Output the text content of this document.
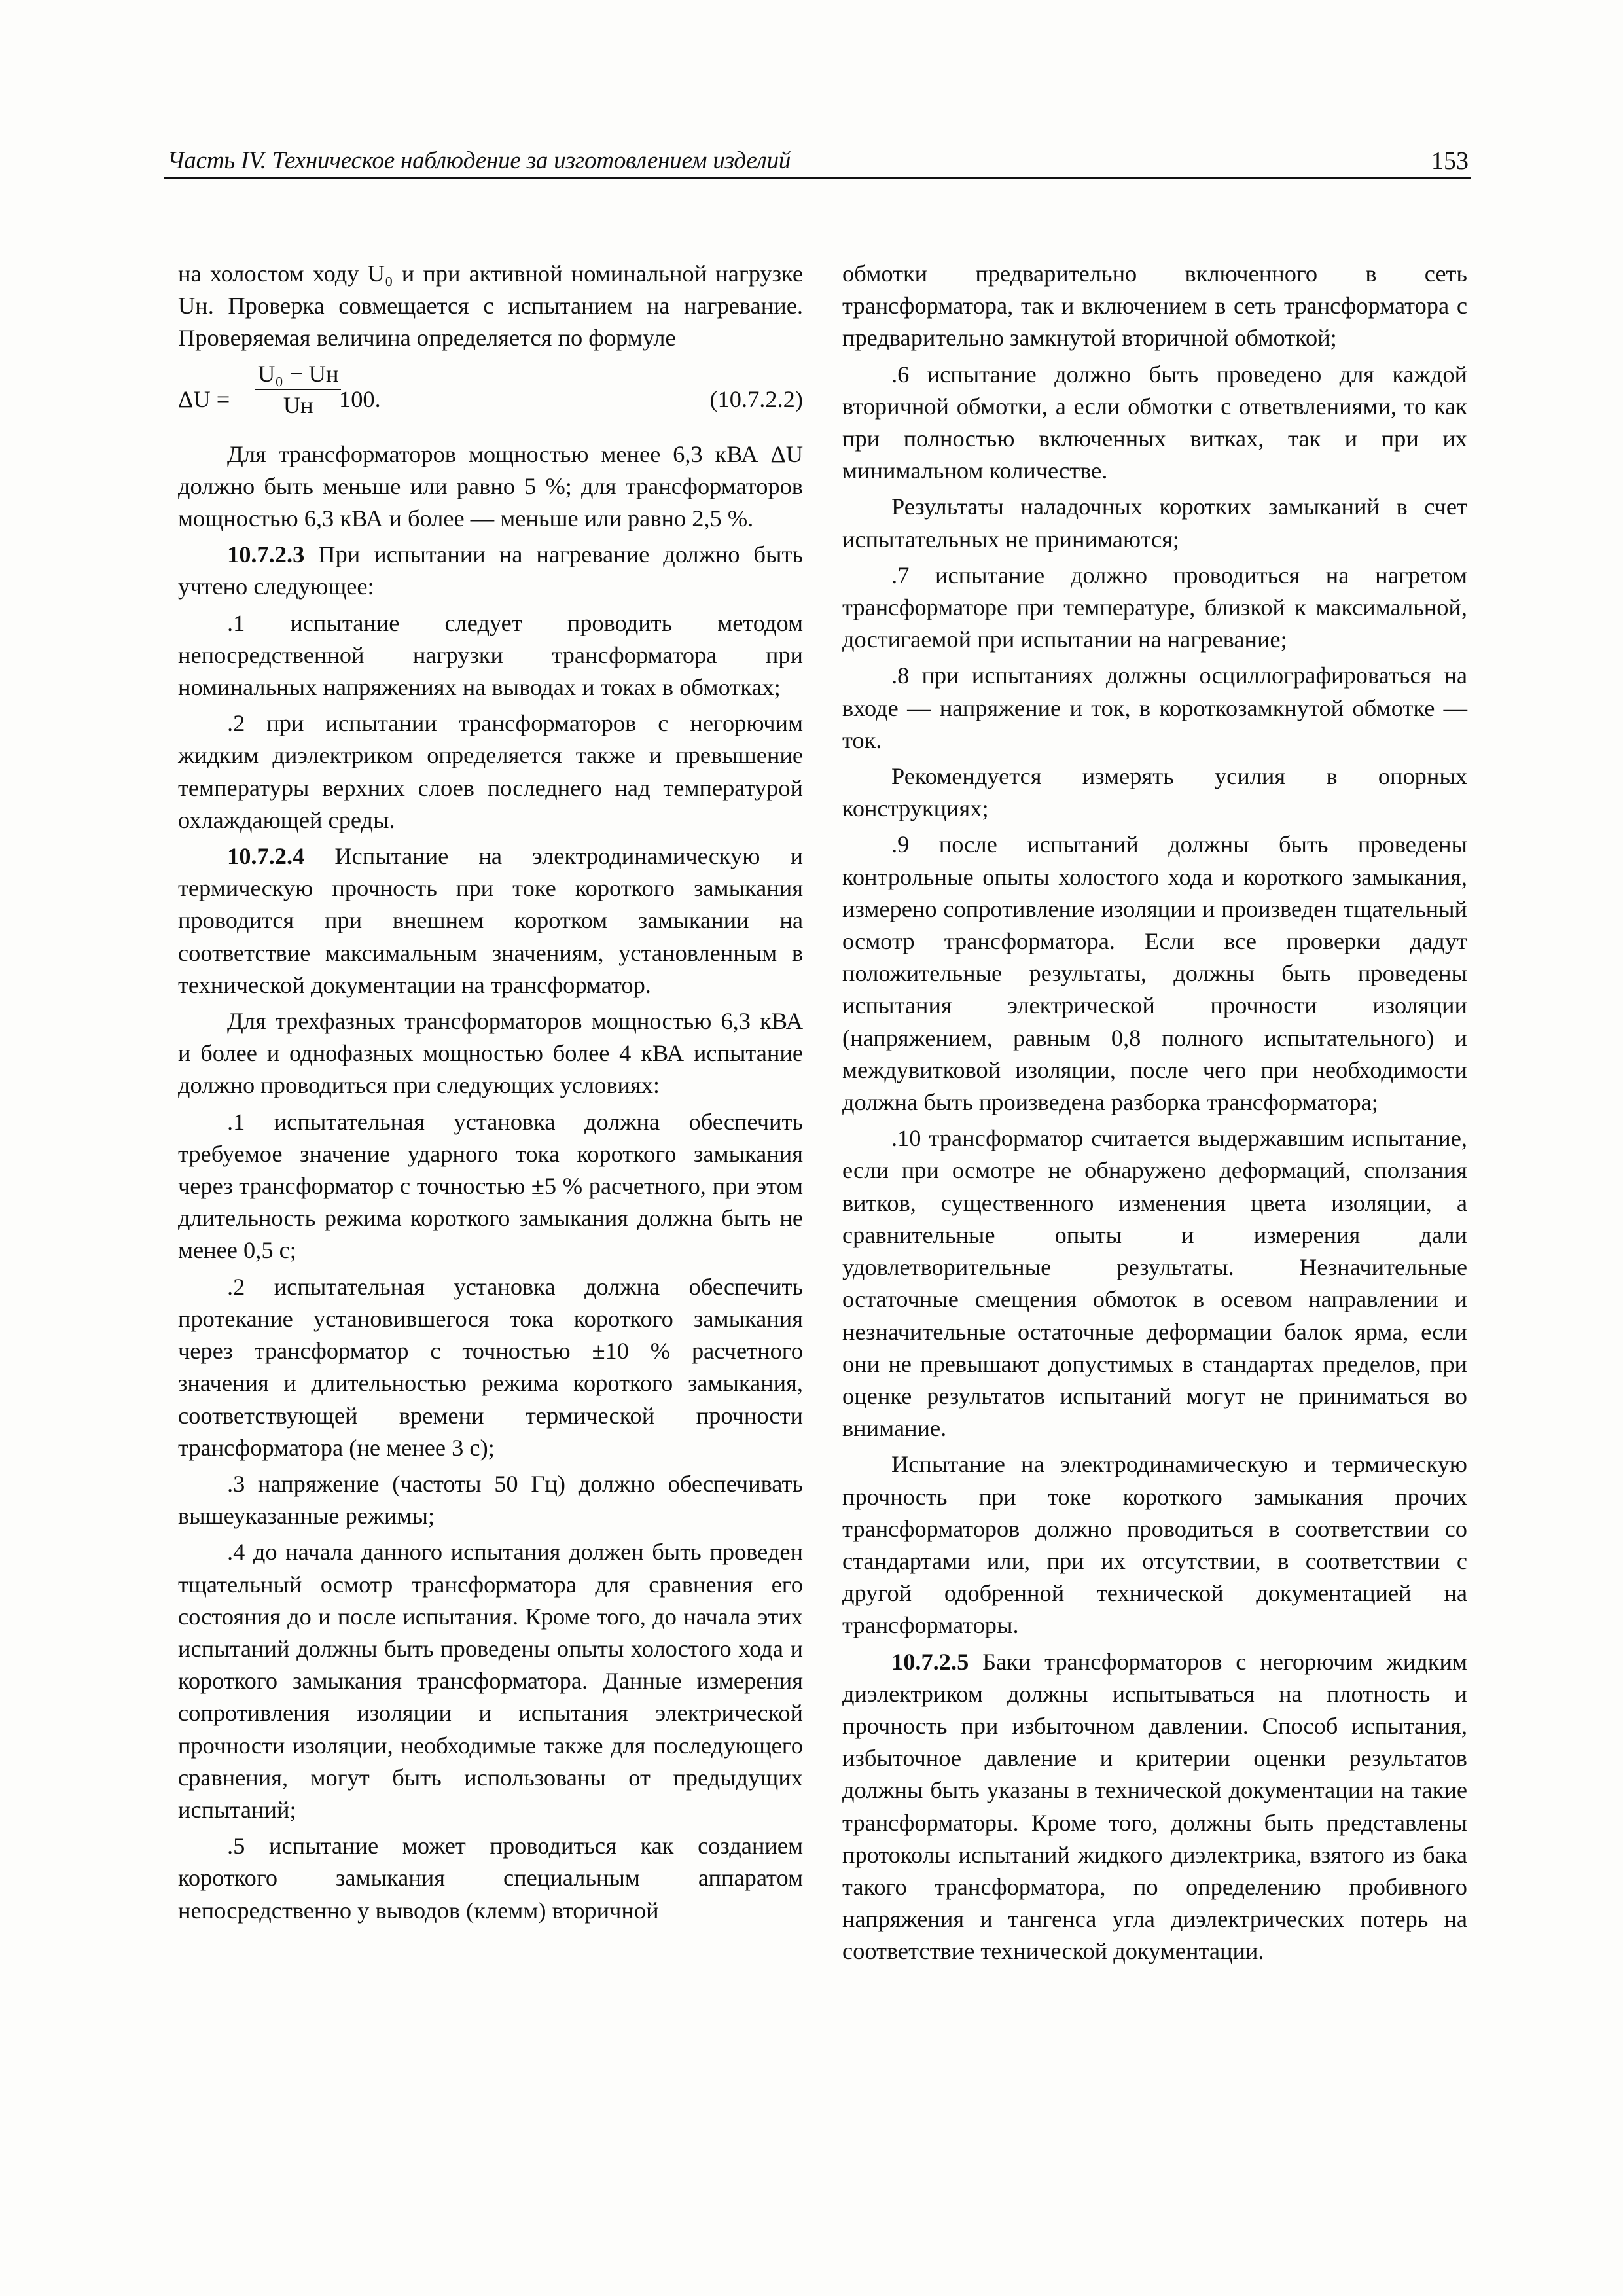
Часть IV. Техническое наблюдение за изготовлением изделий	153

на холостом ходу U₀ и при активной номинальной нагрузке Uн. Проверка совмещается с испытанием на нагревание. Проверяемая величина определяется по формуле

ΔU =
U₀ − Uн
Uн	100.	(10.7.2.2)

Для трансформаторов мощностью менее 6,3 кВА ΔU должно быть меньше или равно 5 %; для трансформаторов мощностью 6,3 кВА и более — меньше или равно 2,5 %.

10.7.2.3 При испытании на нагревание должно быть учтено следующее:

.1 испытание следует проводить методом непосредственной нагрузки трансформатора при номинальных напряжениях на выводах и токах в обмотках;

.2 при испытании трансформаторов с негорючим жидким диэлектриком определяется также и превышение температуры верхних слоев последнего над температурой охлаждающей среды.

10.7.2.4 Испытание на электродинамическую и термическую прочность при токе короткого замыкания проводится при внешнем коротком замыкании на соответствие максимальным значениям, установленным в технической документации на трансформатор.

Для трехфазных трансформаторов мощностью 6,3 кВА и более и однофазных мощностью более 4 кВА испытание должно проводиться при следующих условиях:

.1 испытательная установка должна обеспечить требуемое значение ударного тока короткого замыкания через трансформатор с точностью ±5 % расчетного, при этом длительность режима короткого замыкания должна быть не менее 0,5 с;

.2 испытательная установка должна обеспечить протекание установившегося тока короткого замыкания через трансформатор с точностью ±10 % расчетного значения и длительностью режима короткого замыкания, соответствующей времени термической прочности трансформатора (не менее 3 с);

.3 напряжение (частоты 50 Гц) должно обеспечивать вышеуказанные режимы;

.4 до начала данного испытания должен быть проведен тщательный осмотр трансформатора для сравнения его состояния до и после испытания. Кроме того, до начала этих испытаний должны быть проведены опыты холостого хода и короткого замыкания трансформатора. Данные измерения сопротивления изоляции и испытания электрической прочности изоляции, необходимые также для последующего сравнения, могут быть использованы от предыдущих испытаний;

.5 испытание может проводиться как созданием короткого замыкания специальным аппаратом непосредственно у выводов (клемм) вторичной

обмотки предварительно включенного в сеть трансформатора, так и включением в сеть трансформатора с предварительно замкнутой вторичной обмоткой;

.6 испытание должно быть проведено для каждой вторичной обмотки, а если обмотки с ответвлениями, то как при полностью включенных витках, так и при их минимальном количестве.

Результаты наладочных коротких замыканий в счет испытательных не принимаются;

.7 испытание должно проводиться на нагретом трансформаторе при температуре, близкой к максимальной, достигаемой при испытании на нагревание;

.8 при испытаниях должны осциллографироваться на входе — напряжение и ток, в короткозамкнутой обмотке — ток.

Рекомендуется измерять усилия в опорных конструкциях;

.9 после испытаний должны быть проведены контрольные опыты холостого хода и короткого замыкания, измерено сопротивление изоляции и произведен тщательный осмотр трансформатора. Если все проверки дадут положительные результаты, должны быть проведены испытания электрической прочности изоляции (напряжением, равным 0,8 полного испытательного) и междувитковой изоляции, после чего при необходимости должна быть произведена разборка трансформатора;

.10 трансформатор считается выдержавшим испытание, если при осмотре не обнаружено деформаций, сползания витков, существенного изменения цвета изоляции, а сравнительные опыты и измерения дали удовлетворительные результаты. Незначительные остаточные смещения обмоток в осевом направлении и незначительные остаточные деформации балок ярма, если они не превышают допустимых в стандартах пределов, при оценке результатов испытаний могут не приниматься во внимание.

Испытание на электродинамическую и термическую прочность при токе короткого замыкания прочих трансформаторов должно проводиться в соответствии со стандартами или, при их отсутствии, в соответствии с другой одобренной технической документацией на трансформаторы.

10.7.2.5 Баки трансформаторов с негорючим жидким диэлектриком должны испытываться на плотность и прочность при избыточном давлении. Способ испытания, избыточное давление и критерии оценки результатов должны быть указаны в технической документации на такие трансформаторы. Кроме того, должны быть представлены протоколы испытаний жидкого диэлектрика, взятого из бака такого трансформатора, по определению пробивного напряжения и тангенса угла диэлектрических потерь на соответствие технической документации.
